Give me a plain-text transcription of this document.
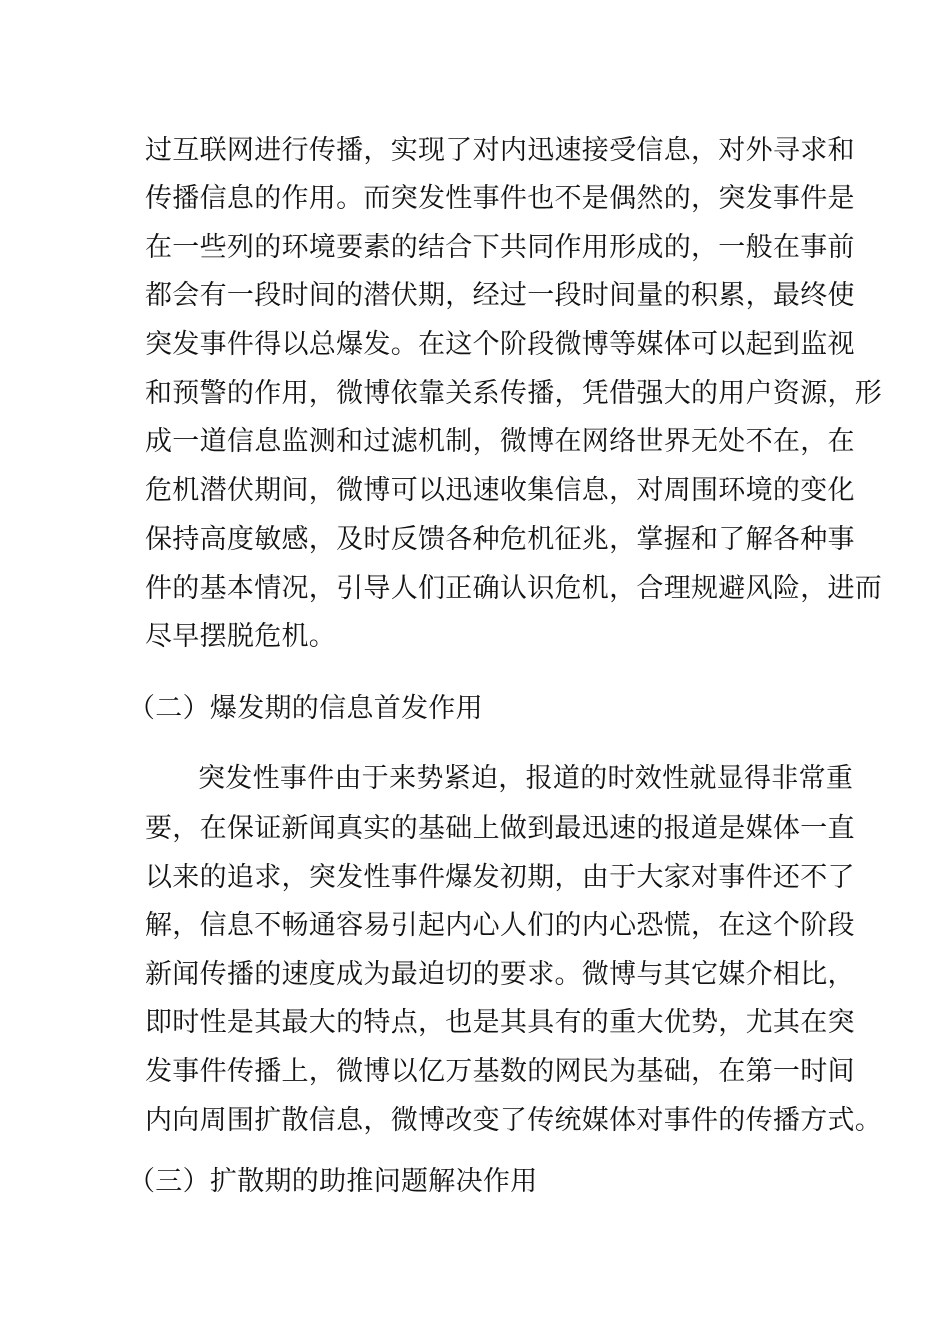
过互联网进行传播，实现了对内迅速接受信息，对外寻求和
传播信息的作用。而突发性事件也不是偶然的，突发事件是
在一些列的环境要素的结合下共同作用形成的，一般在事前
都会有一段时间的潜伏期，经过一段时间量的积累，最终使
突发事件得以总爆发。在这个阶段微博等媒体可以起到监视
和预警的作用，微博依靠关系传播，凭借强大的用户资源，形
成一道信息监测和过滤机制，微博在网络世界无处不在，在
危机潜伏期间，微博可以迅速收集信息，对周围环境的变化
保持高度敏感，及时反馈各种危机征兆，掌握和了解各种事
件的基本情况，引导人们正确认识危机，合理规避风险，进而
尽早摆脱危机。
（二）爆发期的信息首发作用
突发性事件由于来势紧迫，报道的时效性就显得非常重
要，在保证新闻真实的基础上做到最迅速的报道是媒体一直
以来的追求，突发性事件爆发初期，由于大家对事件还不了
解，信息不畅通容易引起内心人们的内心恐慌，在这个阶段
新闻传播的速度成为最迫切的要求。微博与其它媒介相比，
即时性是其最大的特点，也是其具有的重大优势，尤其在突
发事件传播上，微博以亿万基数的网民为基础，在第一时间
内向周围扩散信息，微博改变了传统媒体对事件的传播方式。
（三）扩散期的助推问题解决作用
